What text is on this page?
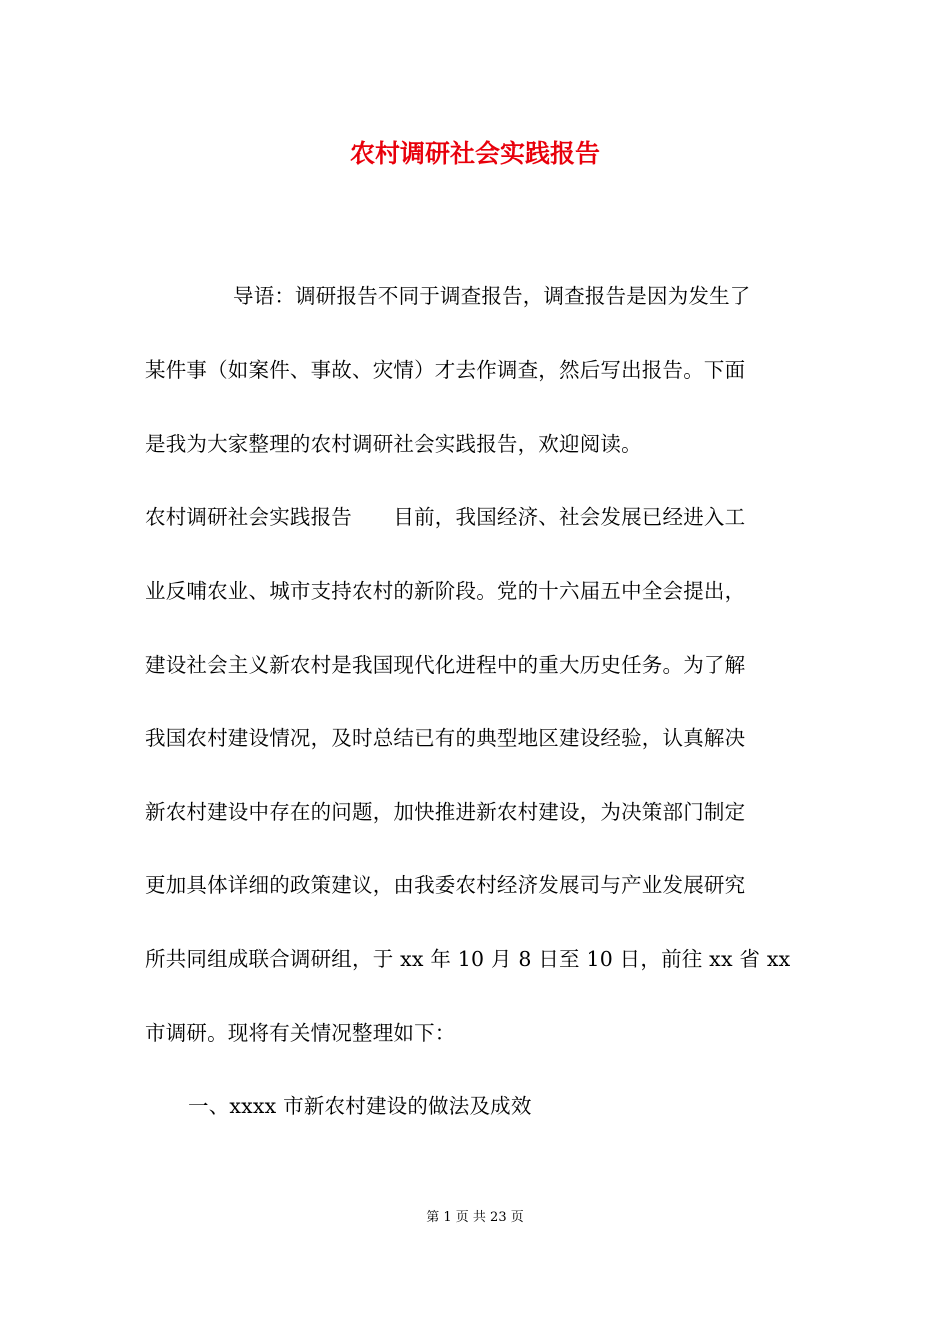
农村调研社会实践报告
导语：调研报告不同于调查报告，调查报告是因为发生了
某件事（如案件、事故、灾情）才去作调查，然后写出报告。下面
是我为大家整理的农村调研社会实践报告，欢迎阅读。
农村调研社会实践报告　　目前，我国经济、社会发展已经进入工
业反哺农业、城市支持农村的新阶段。党的十六届五中全会提出，
建设社会主义新农村是我国现代化进程中的重大历史任务。为了解
我国农村建设情况，及时总结已有的典型地区建设经验，认真解决
新农村建设中存在的问题，加快推进新农村建设，为决策部门制定
更加具体详细的政策建议，由我委农村经济发展司与产业发展研究
所共同组成联合调研组，于 xx 年 10 月 8 日至 10 日，前往 xx 省 xx
市调研。现将有关情况整理如下：
一、xxxx 市新农村建设的做法及成效
第 1 页 共 23 页
